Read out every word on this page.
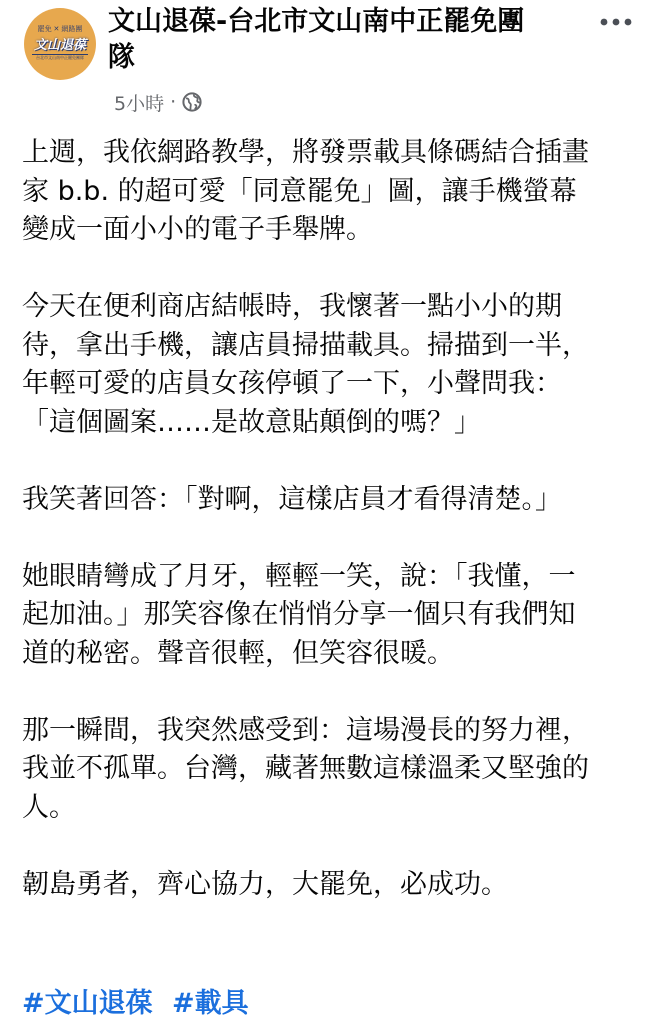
罷免 ✕ 網路團
文山退葆
台北市文山南中正罷免團隊
文山退葆-台北市文山南中正罷免團
隊
5小時 ·
上週，我依網路教學，將發票載具條碼結合插畫
家 b.b. 的超可愛「同意罷免」圖，讓手機螢幕
變成一面小小的電子手舉牌。
今天在便利商店結帳時，我懷著一點小小的期
待，拿出手機，讓店員掃描載具。掃描到一半，
年輕可愛的店員女孩停頓了一下，小聲問我：
「這個圖案……是故意貼顛倒的嗎？」
我笑著回答：「對啊，這樣店員才看得清楚。」
她眼睛彎成了月牙，輕輕一笑，說：「我懂，一
起加油。」那笑容像在悄悄分享一個只有我們知
道的秘密。聲音很輕，但笑容很暖。
那一瞬間，我突然感受到：這場漫長的努力裡，
我並不孤單。台灣，藏著無數這樣溫柔又堅強的
人。
韌島勇者，齊心協力，大罷免，必成功。
#文山退葆 #載具
